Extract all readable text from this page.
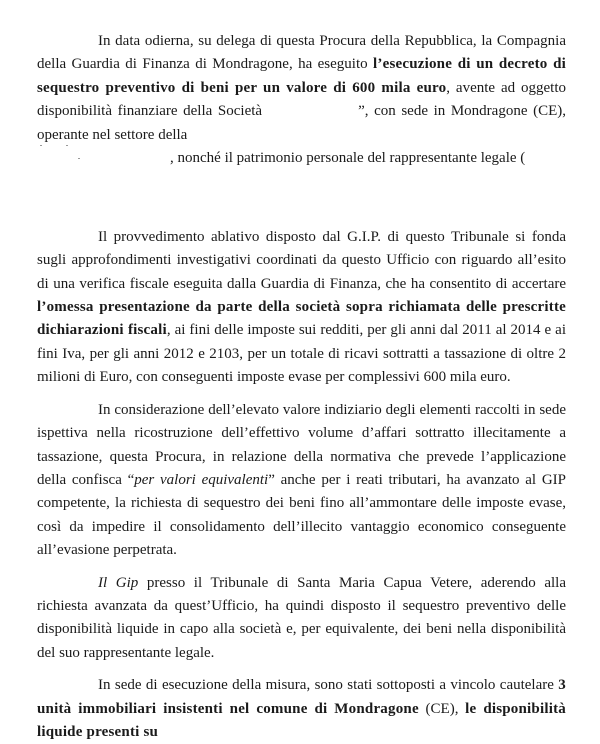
In data odierna, su delega di questa Procura della Repubblica, la Compagnia della Guardia di Finanza di Mondragone, ha eseguito l’esecuzione di un decreto di sequestro preventivo di beni per un valore di 600 mila euro, avente ad oggetto disponibilità finanziare della Società	”, con sede in Mondragone (CE), operante nel settore della
, nonché il patrimonio personale del rappresentante legale (

Il provvedimento ablativo disposto dal G.I.P. di questo Tribunale si fonda sugli approfondimenti investigativi coordinati da questo Ufficio con riguardo all’esito di una verifica fiscale eseguita dalla Guardia di Finanza, che ha consentito di accertare l’omessa presentazione da parte della società sopra richiamata delle prescritte dichiarazioni fiscali, ai fini delle imposte sui redditi, per gli anni dal 2011 al 2014 e ai fini Iva, per gli anni 2012 e 2103, per un totale di ricavi sottratti a tassazione di oltre 2 milioni di Euro, con conseguenti imposte evase per complessivi 600 mila euro.

In considerazione dell’elevato valore indiziario degli elementi raccolti in sede ispettiva nella ricostruzione dell’effettivo volume d’affari sottratto illecitamente a tassazione, questa Procura, in relazione della normativa che prevede l’applicazione della confisca “per valori equivalenti” anche per i reati tributari, ha avanzato al GIP competente, la richiesta di sequestro dei beni fino all’ammontare delle imposte evase, così da impedire il consolidamento dell’illecito vantaggio economico conseguente all’evasione perpetrata.

Il Gip presso il Tribunale di Santa Maria Capua Vetere, aderendo alla richiesta avanzata da quest’Ufficio, ha quindi disposto il sequestro preventivo delle disponibilità liquide in capo alla società e, per equivalente, dei beni nella disponibilità del suo rappresentante legale.

In sede di esecuzione della misura, sono stati sottoposti a vincolo cautelare 3 unità immobiliari insistenti nel comune di Mondragone (CE), le disponibilità liquide presenti su
